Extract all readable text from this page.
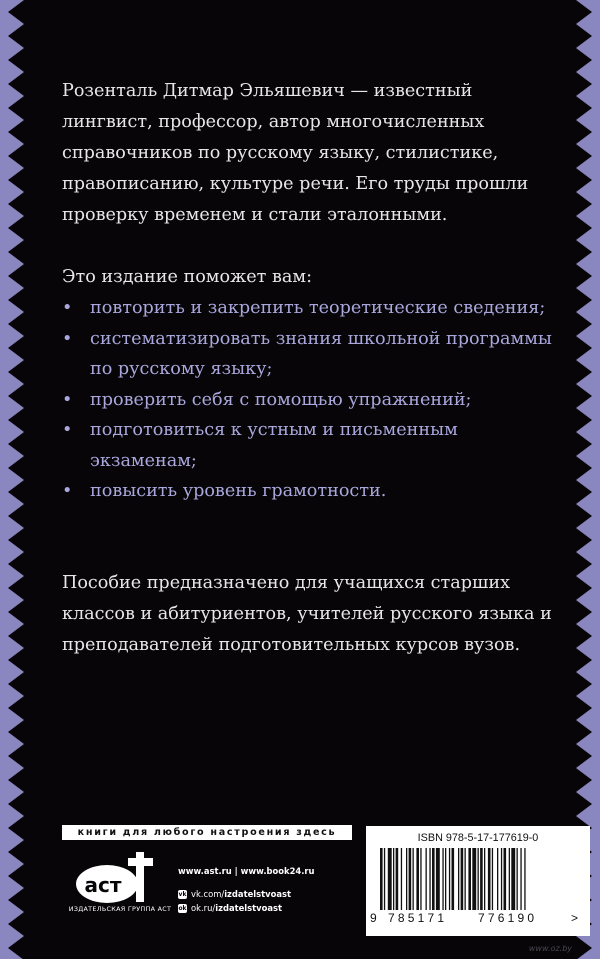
Розенталь Дитмар Эльяшевич — известный лингвист, профессор, автор многочисленных справочников по русскому языку, стилистике, правописанию, культуре речи. Его труды прошли проверку временем и стали эталонными.

Это издание поможет вам:

• повторить и закрепить теоретические сведения;
• систематизировать знания школьной программы по русскому языку;
• проверить себя с помощью упражнений;
• подготовиться к устным и письменным экзаменам;
• повысить уровень грамотности.

Пособие предназначено для учащихся старших классов и абитуриентов, учителей русского языка и преподавателей подготовительных курсов вузов.

книги для любого настроения здесь
аст
ИЗДАТЕЛЬСКАЯ ГРУППА АСТ
www.ast.ru | www.book24.ru
vk vk.com/ izdatelstvoast
ok ok.ru/ izdatelstvoast
ISBN 978-5-17-177619-0
9 785171	776190	>
www.oz.by
